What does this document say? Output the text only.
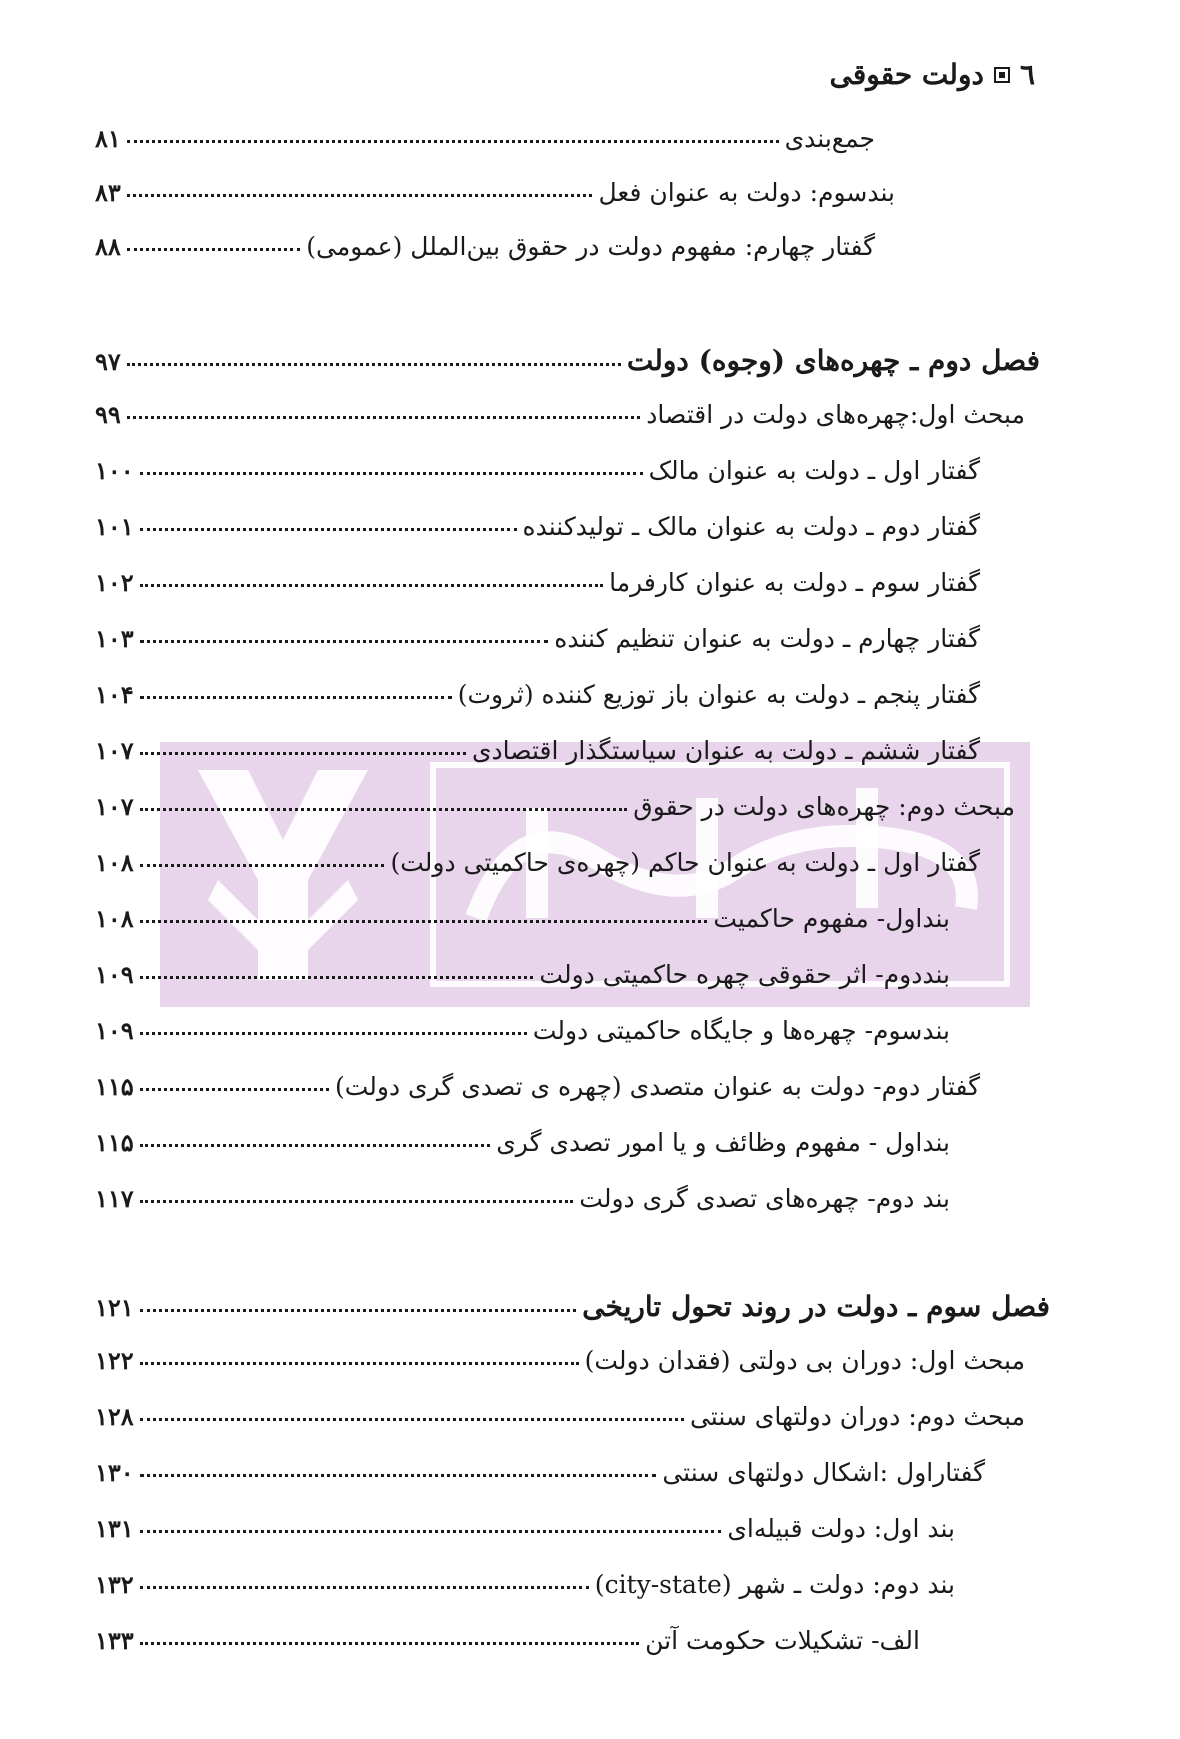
٦
دولت حقوقی
جمع‌بندی
۸۱
بندسوم: دولت به عنوان فعل
۸۳
گفتار چهارم: مفهوم دولت در حقوق بین‌الملل (عمومی)
۸۸
فصل دوم ـ چهره‌های (وجوه) دولت
۹۷
مبحث اول:چهره‌های دولت در اقتصاد
۹۹
گفتار اول ـ دولت به عنوان مالک
۱۰۰
گفتار دوم ـ دولت به عنوان مالک ـ تولیدکننده
۱۰۱
گفتار سوم ـ دولت به عنوان کارفرما
۱۰۲
گفتار چهارم ـ دولت به عنوان تنظیم کننده
۱۰۳
گفتار پنجم ـ دولت به عنوان باز توزیع کننده (ثروت)
۱۰۴
گفتار ششم ـ دولت به عنوان سیاستگذار اقتصادی
۱۰۷
مبحث دوم: چهره‌های دولت در حقوق
۱۰۷
گفتار اول ـ دولت به عنوان حاکم (چهره‌ی حاکمیتی دولت)
۱۰۸
بنداول- مفهوم حاکمیت
۱۰۸
بنددوم- اثر حقوقی چهره حاکمیتی دولت
۱۰۹
بندسوم- چهره‌ها و جایگاه حاکمیتی دولت
۱۰۹
گفتار دوم- دولت به عنوان متصدی (چهره ی تصدی گری دولت)
۱۱۵
بنداول - مفهوم وظائف و یا امور تصدی گری
۱۱۵
بند دوم- چهره‌های تصدی گری دولت
۱۱۷
فصل سوم ـ دولت در روند تحول تاریخی
۱۲۱
مبحث اول: دوران بی دولتی (فقدان دولت)
۱۲۲
مبحث دوم: دوران دولتهای سنتی
۱۲۸
گفتاراول :اشکال دولتهای سنتی
۱۳۰
بند اول: دولت قبیله‌ای
۱۳۱
بند دوم: دولت ـ شهر (city-state)
۱۳۲
الف- تشکیلات حکومت آتن
۱۳۳
